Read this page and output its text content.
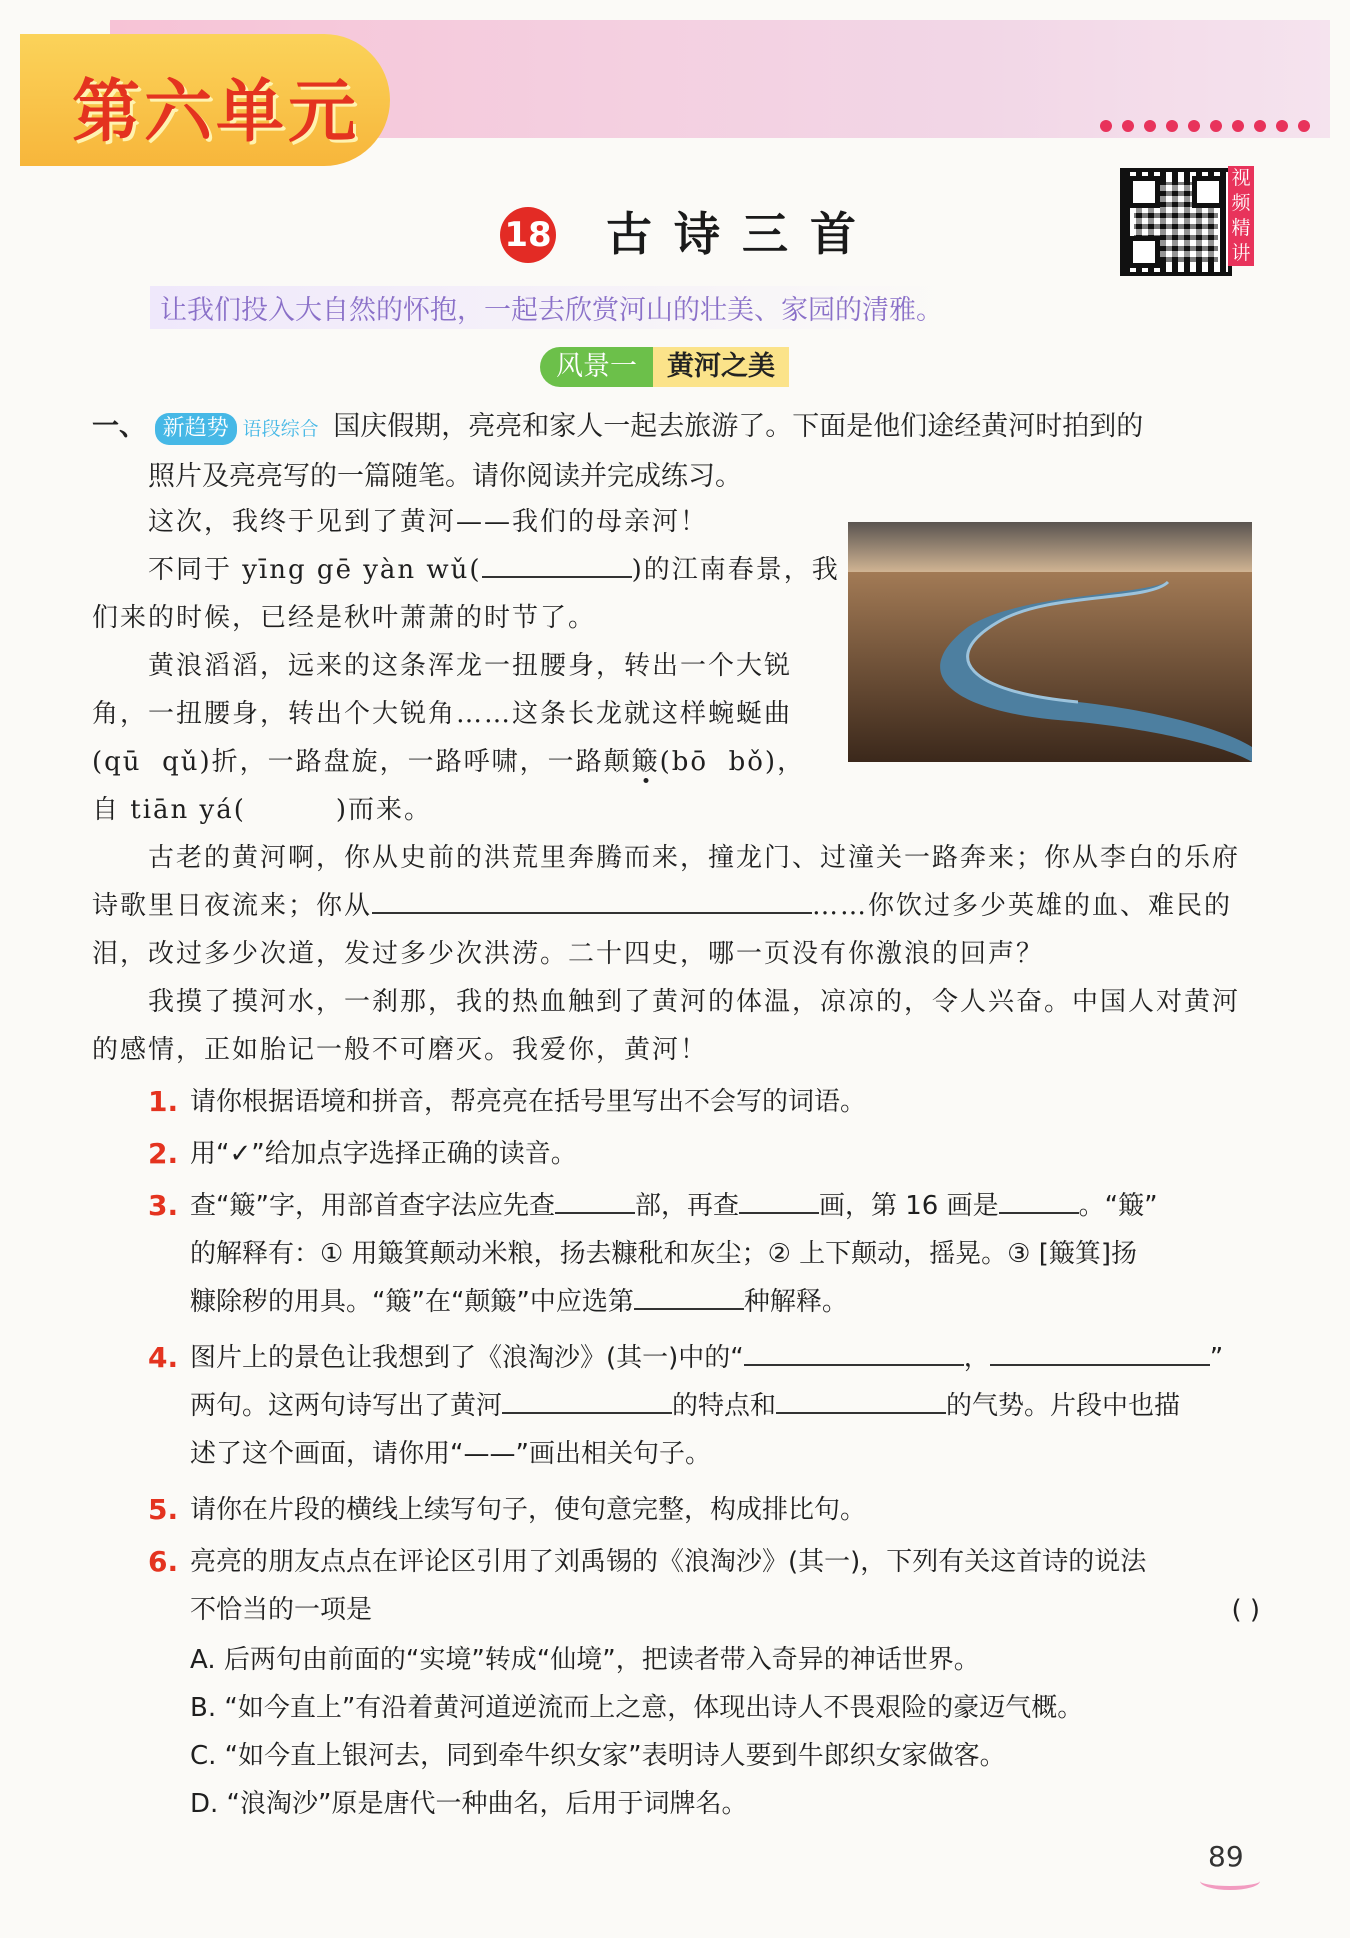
第六单元
视频精讲
18 古诗三首
让我们投入大自然的怀抱，一起去欣赏河山的壮美、家园的清雅。
风景一	黄河之美
一、 新趋势 语段综合 国庆假期，亮亮和家人一起去旅游了。下面是他们途经黄河时拍到的
照片及亮亮写的一篇随笔。请你阅读并完成练习。
这次，我终于见到了黄河——我们的母亲河！
不同于 yīng gē yàn wǔ(	)的江南春景，我
们来的时候，已经是秋叶萧萧的时节了。
黄浪滔滔，远来的这条浑龙一扭腰身，转出一个大锐
角，一扭腰身，转出个大锐角……这条长龙就这样蜿蜒曲
(qū qǔ)折，一路盘旋，一路呼啸，一路颠簸(bō bǒ)，
自 tiān yá(	)而来。
古老的黄河啊，你从史前的洪荒里奔腾而来，撞龙门、过潼关一路奔来；你从李白的乐府
诗歌里日夜流来；你从	……你饮过多少英雄的血、难民的
泪，改过多少次道，发过多少次洪涝。二十四史，哪一页没有你激浪的回声？
我摸了摸河水，一刹那，我的热血触到了黄河的体温，凉凉的，令人兴奋。中国人对黄河
的感情，正如胎记一般不可磨灭。我爱你，黄河！
1. 请你根据语境和拼音，帮亮亮在括号里写出不会写的词语。
2. 用“✓”给加点字选择正确的读音。
3. 查“簸”字，用部首查字法应先查	部，再查	画，第 16 画是	。“簸”
的解释有：① 用簸箕颠动米粮，扬去糠秕和灰尘；② 上下颠动，摇晃。③ [簸箕]扬
糠除秽的用具。“簸”在“颠簸”中应选第	种解释。
4. 图片上的景色让我想到了《浪淘沙》(其一)中的“	，	”
两句。这两句诗写出了黄河	的特点和	的气势。片段中也描
述了这个画面，请你用“——”画出相关句子。
5. 请你在片段的横线上续写句子，使句意完整，构成排比句。
6. 亮亮的朋友点点在评论区引用了刘禹锡的《浪淘沙》(其一)，下列有关这首诗的说法
不恰当的一项是	( )
A. 后两句由前面的“实境”转成“仙境”，把读者带入奇异的神话世界。
B. “如今直上”有沿着黄河道逆流而上之意，体现出诗人不畏艰险的豪迈气概。
C. “如今直上银河去，同到牵牛织女家”表明诗人要到牛郎织女家做客。
D. “浪淘沙”原是唐代一种曲名，后用于词牌名。
89
